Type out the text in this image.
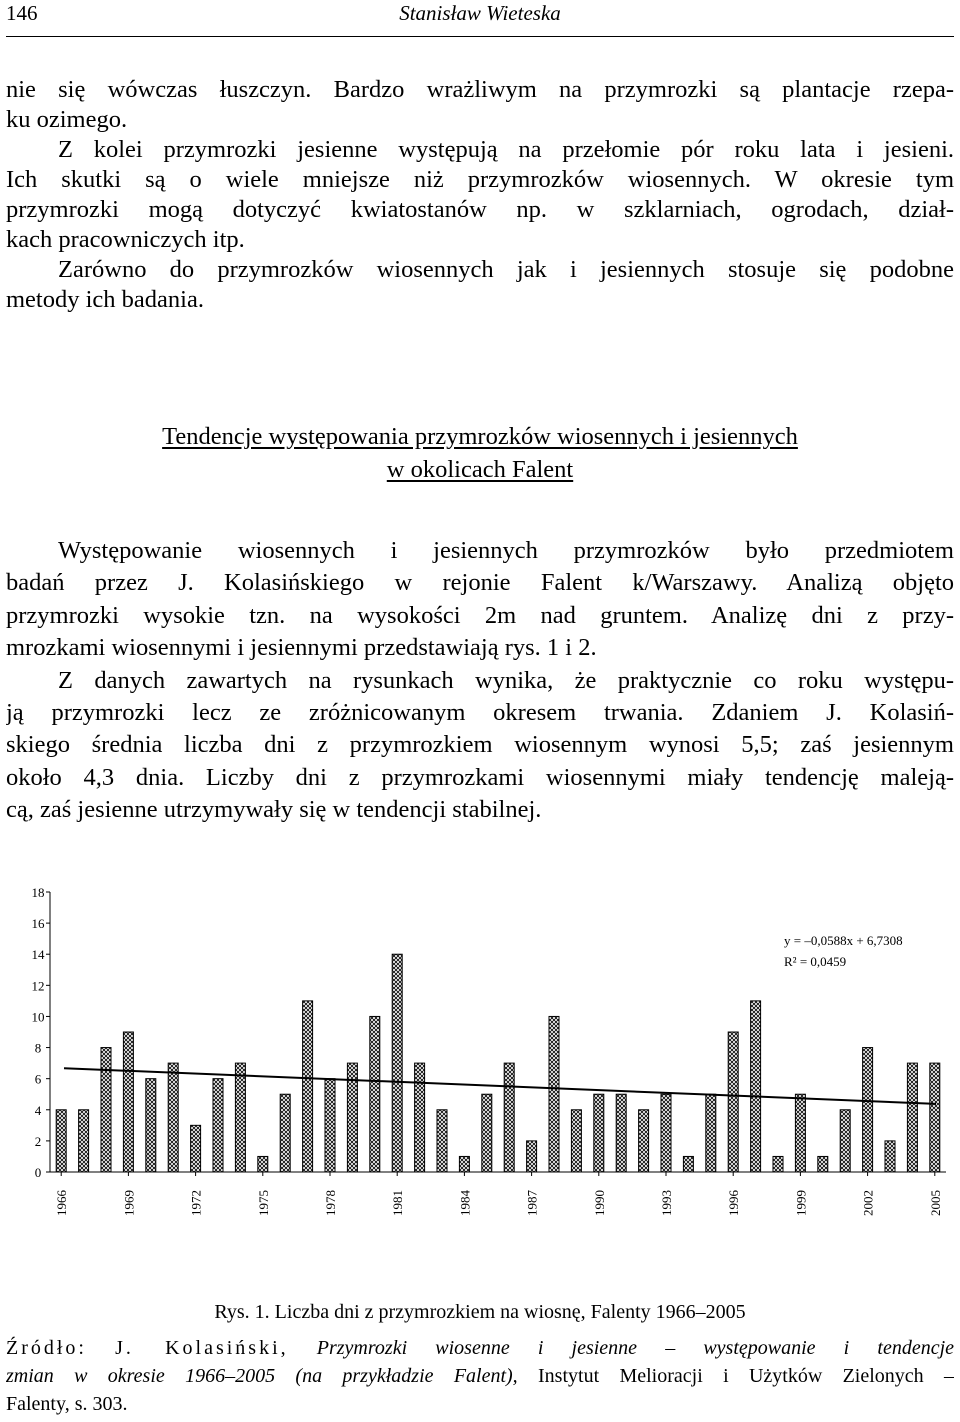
146	Stanisław Wieteska
nie się wówczas łuszczyn. Bardzo wrażliwym na przymrozki są plantacje rzepa-
ku ozimego.
Z kolei przymrozki jesienne występują na przełomie pór roku lata i jesieni.
Ich skutki są o wiele mniejsze niż przymrozków wiosennych. W okresie tym
przymrozki mogą dotyczyć kwiatostanów np. w szklarniach, ogrodach, dział-
kach pracowniczych itp.
Zarówno do przymrozków wiosennych jak i jesiennych stosuje się podobne
metody ich badania.
Tendencje występowania przymrozków wiosennych i jesiennych
w okolicach Falent
Występowanie wiosennych i jesiennych przymrozków było przedmiotem
badań przez J. Kolasińskiego w rejonie Falent k/Warszawy. Analizą objęto
przymrozki wysokie tzn. na wysokości 2m nad gruntem. Analizę dni z przy-
mrozkami wiosennymi i jesiennymi przedstawiają rys. 1 i 2.
Z danych zawartych na rysunkach wynika, że praktycznie co roku występu-
ją przymrozki lecz ze zróżnicowanym okresem trwania. Zdaniem J. Kolasiń-
skiego średnia liczba dni z przymrozkiem wiosennym wynosi 5,5; zaś jesiennym
około 4,3 dnia. Liczby dni z przymrozkami wiosennymi miały tendencję maleją-
cą, zaś jesienne utrzymywały się w tendencji stabilnej.
0
2
4
6
8
10
12
14
16
18
1966	1969	1972	1975	1978	1981	1984	1987	1990	1993	1996	1999	2002	2005
y = –0,0588x + 6,7308
R² = 0,0459
Rys. 1. Liczba dni z przymrozkiem na wiosnę, Falenty 1966–2005
Źródło: J. Kolasiński, Przymrozki wiosenne i jesienne – występowanie i tendencje
zmian w okresie 1966–2005 (na przykładzie Falent), Instytut Melioracji i Użytków Zielonych –
Falenty, s. 303.
